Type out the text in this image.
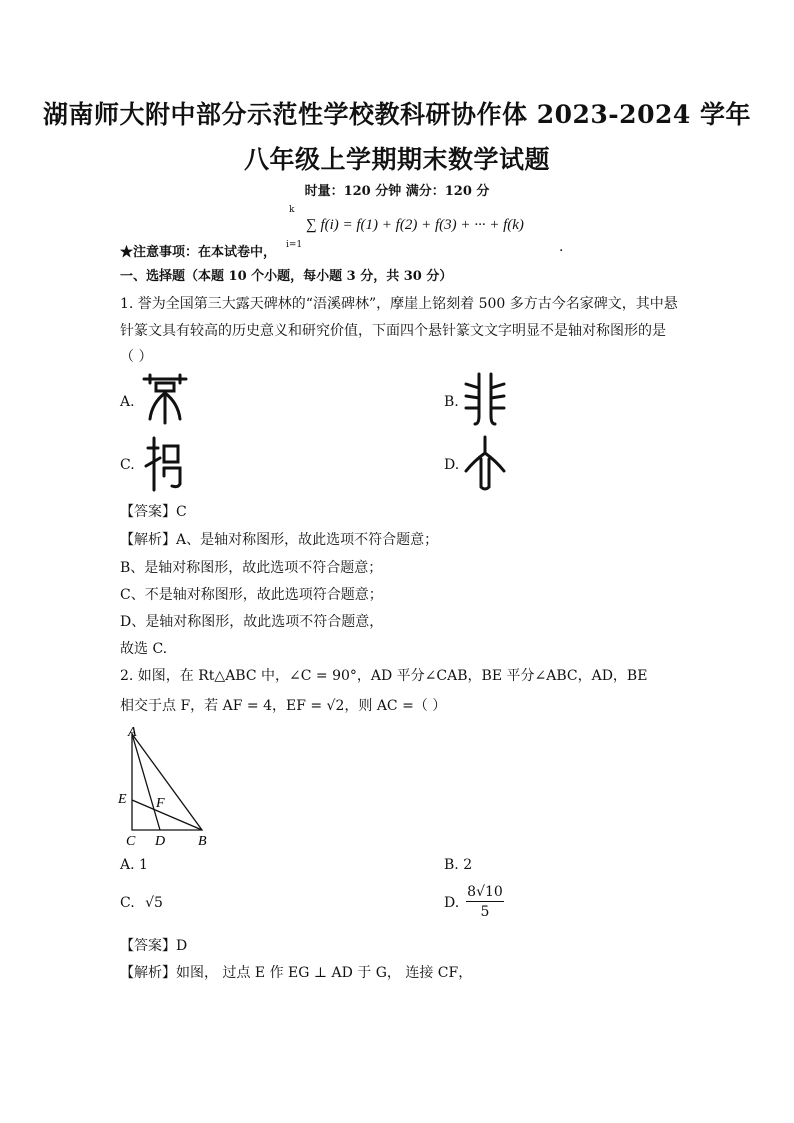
湖南师大附中部分示范性学校教科研协作体 2023-2024 学年
八年级上学期期末数学试题
时量：120 分钟 满分：120 分
★注意事项：在本试卷中，
k
∑ f(i) = f(1) + f(2) + f(3) + ··· + f(k)
i=1	.
一、选择题（本题 10 个小题，每小题 3 分，共 30 分）
1. 誉为全国第三大露天碑林的“浯溪碑林”，摩崖上铭刻着 500 多方古今名家碑文，其中悬
针篆文具有较高的历史意义和研究价值，下面四个悬针篆文文字明显不是轴对称图形的是
（ ）
A.	B.
C.	D.
【答案】C
【解析】A、是轴对称图形，故此选项不符合题意；
B、是轴对称图形，故此选项不符合题意；
C、不是轴对称图形，故此选项符合题意；
D、是轴对称图形，故此选项不符合题意，
故选 C.
2. 如图，在 Rt△ABC 中，∠C = 90°，AD 平分∠CAB，BE 平分∠ABC，AD，BE
相交于点 F，若 AF = 4，EF = √2，则 AC =（ ）
A
E F
C D B
A. 1	B. 2
C. √5	D. $\frac{8√10}{5}$
【答案】D
【解析】如图， 过点 E 作 EG ⊥ AD 于 G， 连接 CF，
